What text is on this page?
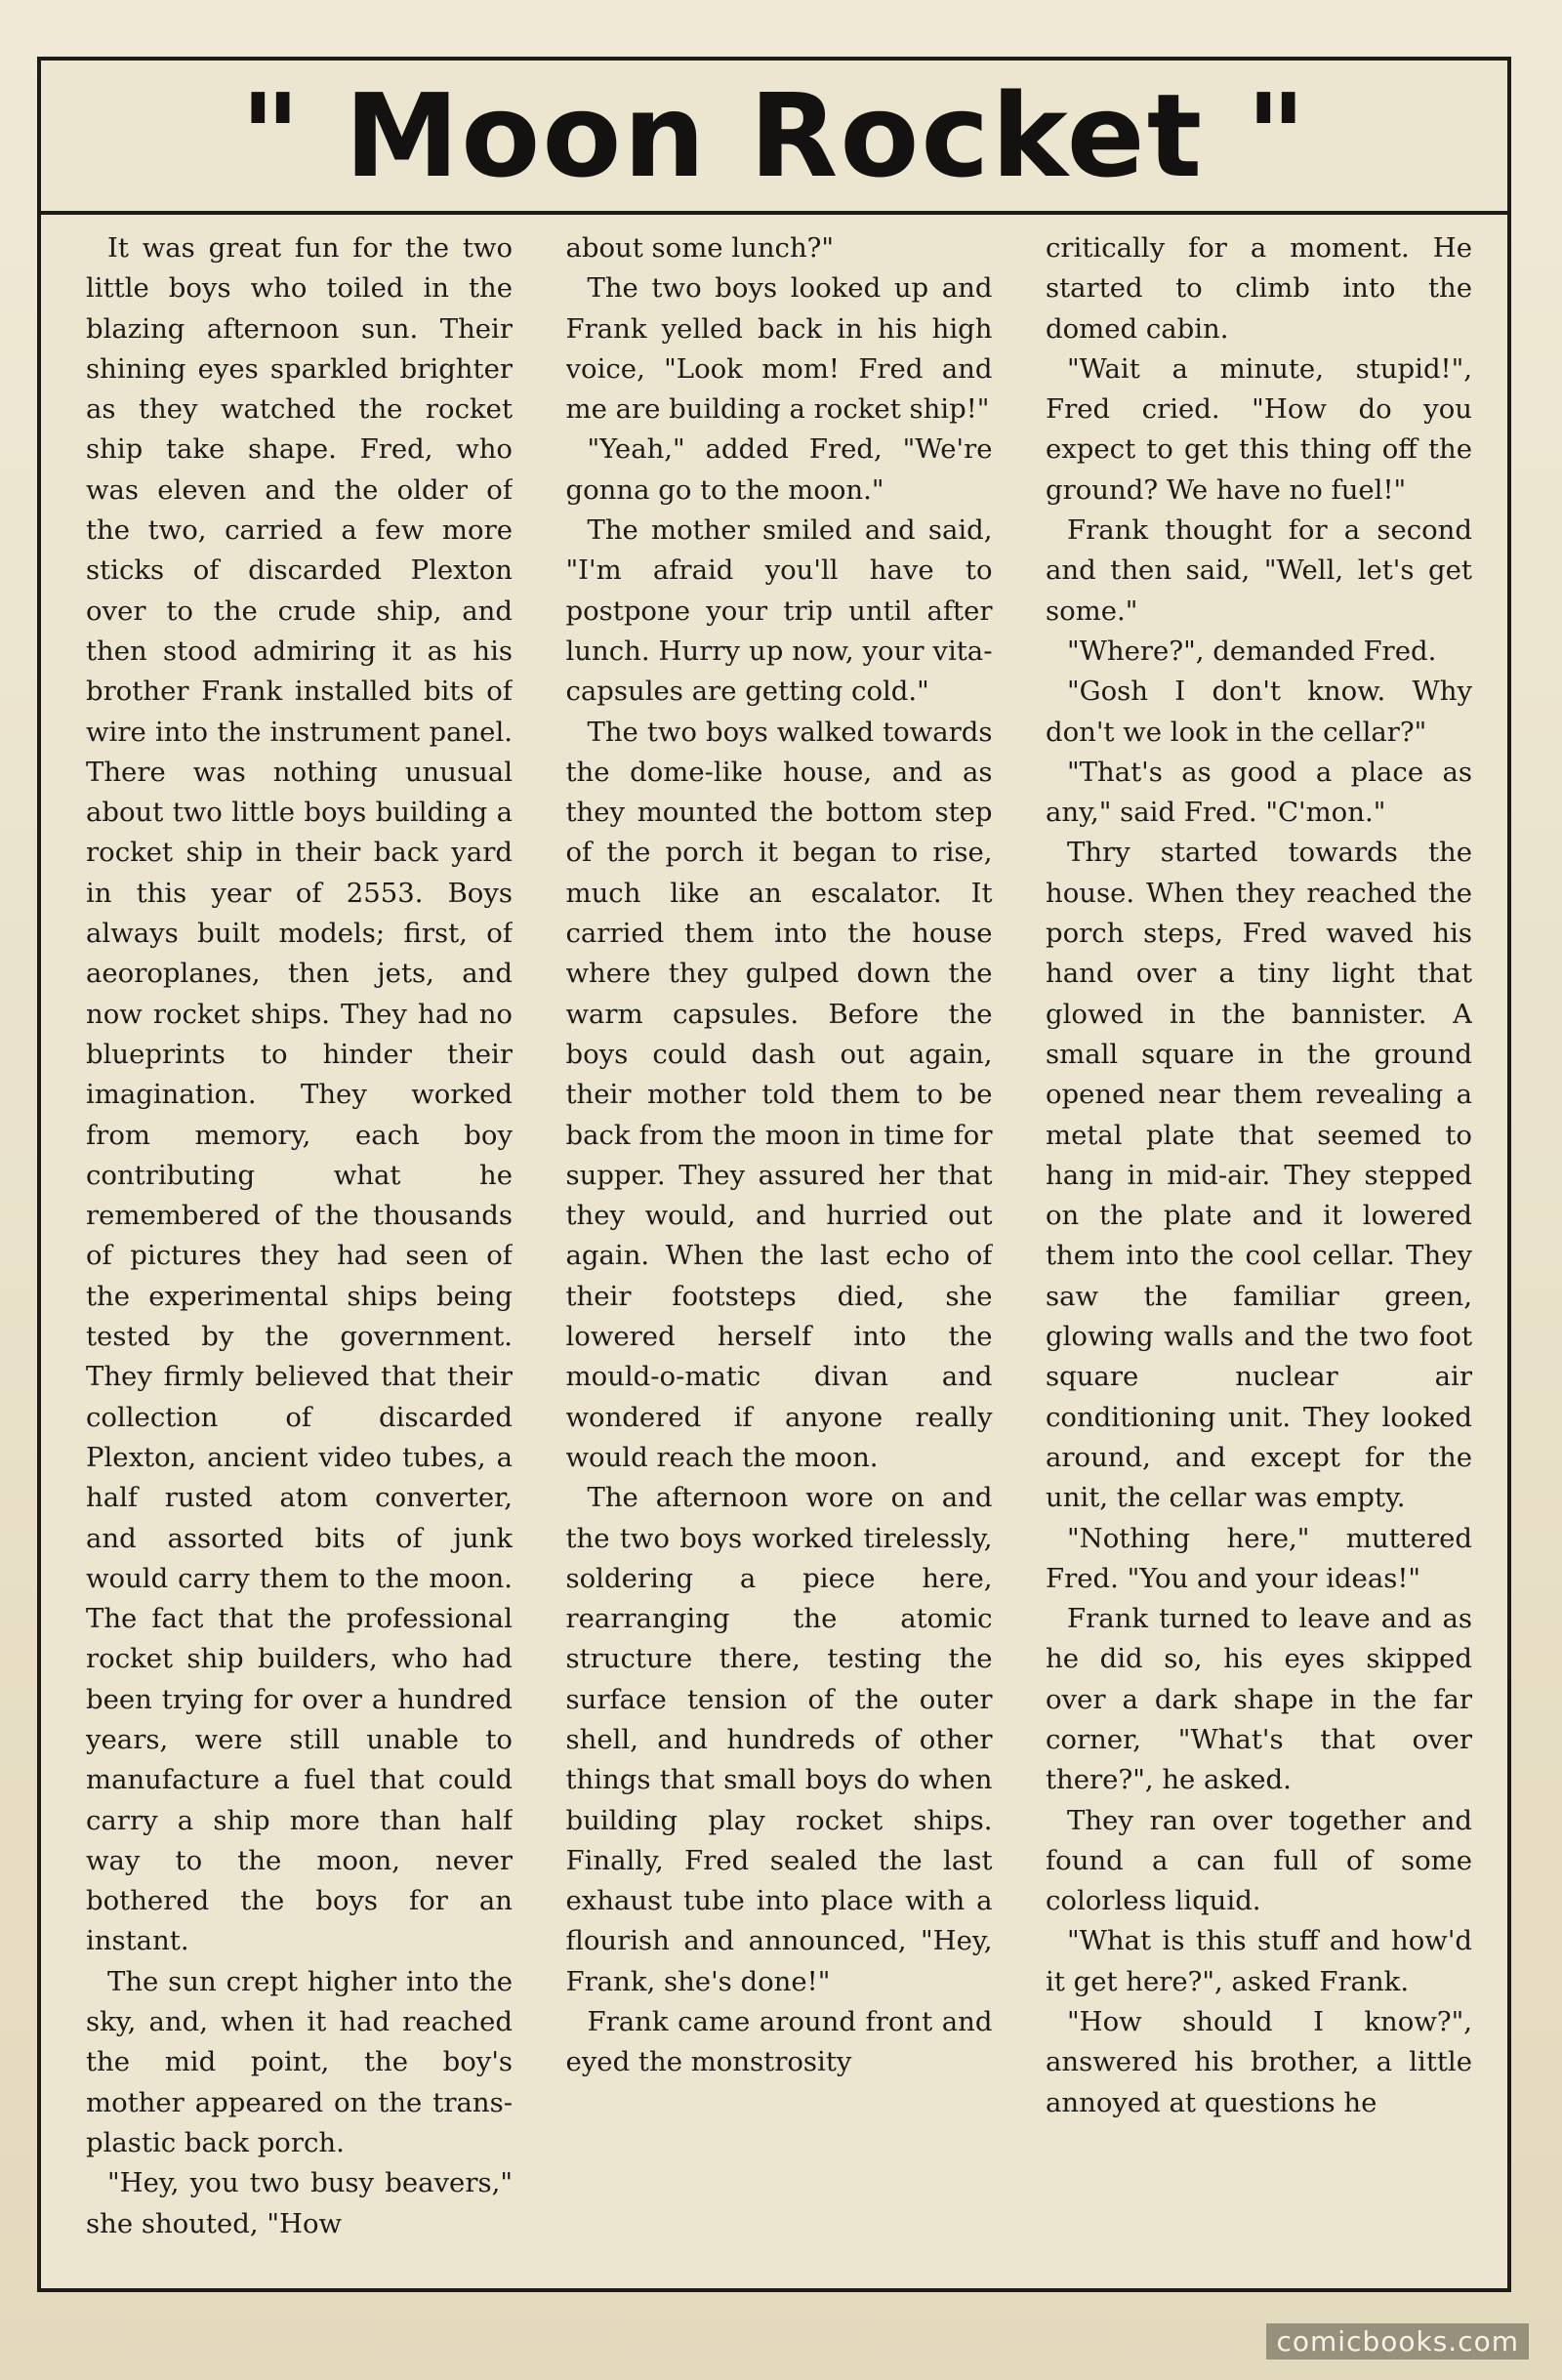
" Moon Rocket "

It was great fun for the two little boys who toiled in the blazing afternoon sun. Their shining eyes sparkled brighter as they watched the rocket ship take shape. Fred, who was eleven and the older of the two, carried a few more sticks of discarded Plexton over to the crude ship, and then stood admiring it as his brother Frank installed bits of wire into the instrument panel. There was nothing unusual about two little boys building a rocket ship in their back yard in this year of 2553. Boys always built models; first, of aeoroplanes, then jets, and now rocket ships. They had no blueprints to hinder their imagination. They worked from memory, each boy contributing what he remembered of the thousands of pictures they had seen of the experimental ships being tested by the government. They firmly believed that their collection of discarded Plexton, ancient video tubes, a half rusted atom converter, and assorted bits of junk would carry them to the moon. The fact that the professional rocket ship builders, who had been trying for over a hundred years, were still unable to manufacture a fuel that could carry a ship more than half way to the moon, never bothered the boys for an instant.

The sun crept higher into the sky, and, when it had reached the mid point, the boy's mother appeared on the trans-plastic back porch.

"Hey, you two busy beavers," she shouted, "How

about some lunch?"

The two boys looked up and Frank yelled back in his high voice, "Look mom! Fred and me are building a rocket ship!"

"Yeah," added Fred, "We're gonna go to the moon."

The mother smiled and said, "I'm afraid you'll have to postpone your trip until after lunch. Hurry up now, your vita-capsules are getting cold."

The two boys walked towards the dome-like house, and as they mounted the bottom step of the porch it began to rise, much like an escalator. It carried them into the house where they gulped down the warm capsules. Before the boys could dash out again, their mother told them to be back from the moon in time for supper. They assured her that they would, and hurried out again. When the last echo of their footsteps died, she lowered herself into the mould-o-matic divan and wondered if anyone really would reach the moon.

The afternoon wore on and the two boys worked tirelessly, soldering a piece here, rearranging the atomic structure there, testing the surface tension of the outer shell, and hundreds of other things that small boys do when building play rocket ships. Finally, Fred sealed the last exhaust tube into place with a flourish and announced, "Hey, Frank, she's done!"

Frank came around front and eyed the monstrosity

critically for a moment. He started to climb into the domed cabin.

"Wait a minute, stupid!", Fred cried. "How do you expect to get this thing off the ground? We have no fuel!"

Frank thought for a second and then said, "Well, let's get some."

"Where?", demanded Fred.

"Gosh I don't know. Why don't we look in the cellar?"

"That's as good a place as any," said Fred. "C'mon."

Thry started towards the house. When they reached the porch steps, Fred waved his hand over a tiny light that glowed in the bannister. A small square in the ground opened near them revealing a metal plate that seemed to hang in mid-air. They stepped on the plate and it lowered them into the cool cellar. They saw the familiar green, glowing walls and the two foot square nuclear air conditioning unit. They looked around, and except for the unit, the cellar was empty.

"Nothing here," muttered Fred. "You and your ideas!"

Frank turned to leave and as he did so, his eyes skipped over a dark shape in the far corner, "What's that over there?", he asked.

They ran over together and found a can full of some colorless liquid.

"What is this stuff and how'd it get here?", asked Frank.

"How should I know?", answered his brother, a little annoyed at questions he

comicbooks.com
